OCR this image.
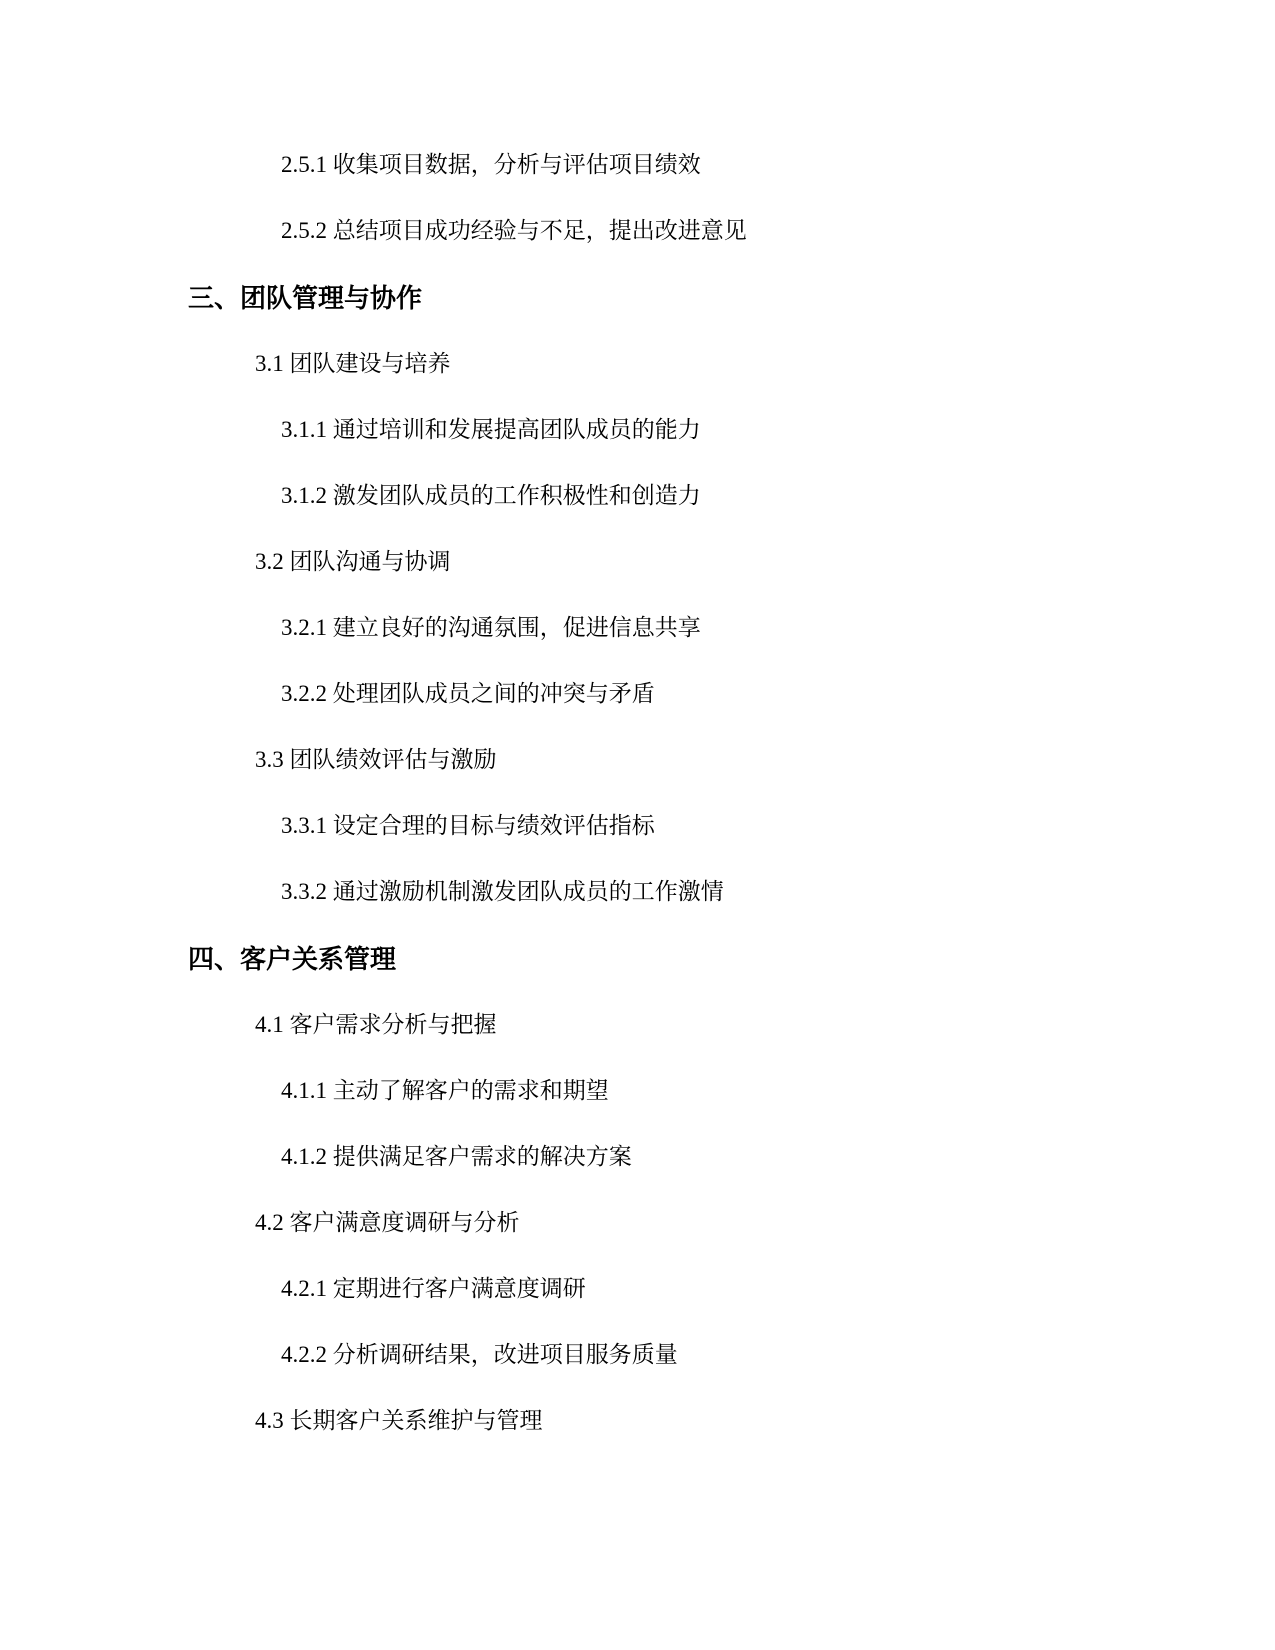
2.5.1 收集项目数据，分析与评估项目绩效
2.5.2 总结项目成功经验与不足，提出改进意见
三、团队管理与协作
3.1 团队建设与培养
3.1.1 通过培训和发展提高团队成员的能力
3.1.2 激发团队成员的工作积极性和创造力
3.2 团队沟通与协调
3.2.1 建立良好的沟通氛围，促进信息共享
3.2.2 处理团队成员之间的冲突与矛盾
3.3 团队绩效评估与激励
3.3.1 设定合理的目标与绩效评估指标
3.3.2 通过激励机制激发团队成员的工作激情
四、客户关系管理
4.1 客户需求分析与把握
4.1.1 主动了解客户的需求和期望
4.1.2 提供满足客户需求的解决方案
4.2 客户满意度调研与分析
4.2.1 定期进行客户满意度调研
4.2.2 分析调研结果，改进项目服务质量
4.3 长期客户关系维护与管理
